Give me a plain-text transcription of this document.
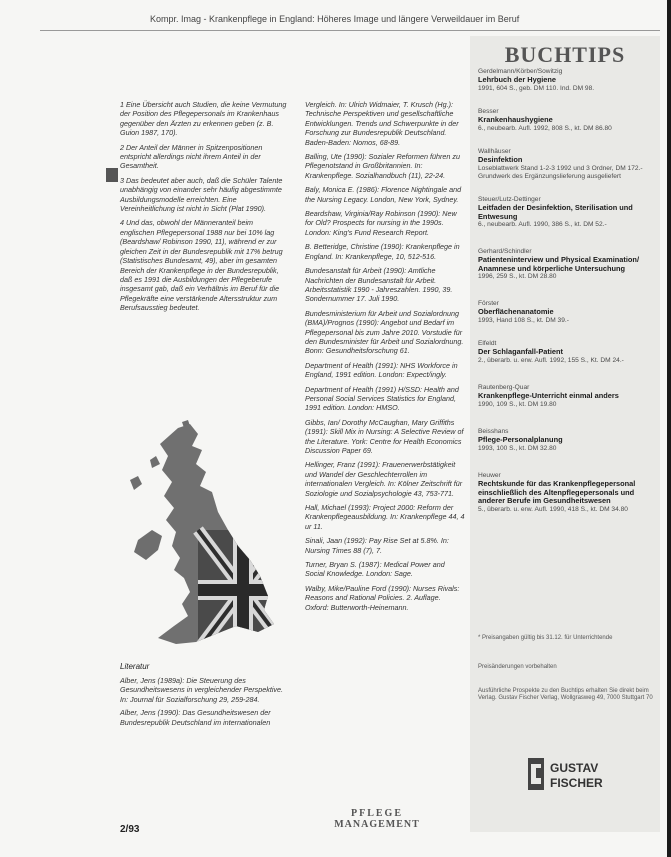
Kompr. Imag - Krankenpflege in England: Höheres Image und längere Verweildauer im Beruf

1 Eine Übersicht auch Studien, die keine Vermutung der Position des Pflegepersonals im Krankenhaus gegenüber den Ärzten zu erkennen geben (z. B. Guion 1987, 170).

2 Der Anteil der Männer in Spitzenpositionen entspricht allerdings nicht ihrem Anteil in der Gesamtheit.

3 Das bedeutet aber auch, daß die Schüler Talente unabhängig von einander sehr häufig abgestimmte Ausbildungsmodelle erreichten. Eine Vereinheitlichung ist nicht in Sicht (Plat 1990).

4 Und das, obwohl der Männeranteil beim englischen Pflegepersonal 1988 nur bei 10% lag (Beardshaw/ Robinson 1990, 11), während er zur gleichen Zeit in der Bundesrepublik mit 17% betrug (Statistisches Bundesamt, 49), aber im gesamten Bereich der Krankenpflege in der Bundesrepublik, daß es 1991 die Ausbildungen der Pflegeberufe insgesamt gab, daß ein Verhältnis im Beruf für die Pflegekräfte eine verstärkende Altersstruktur zum Berufsausstieg bedeutet.

Literatur

Alber, Jens (1989a): Die Steuerung des Gesundheitswesens in vergleichender Perspektive. In: Journal für Sozialforschung 29, 259-284.

Alber, Jens (1990): Das Gesundheitswesen der Bundesrepublik Deutschland im internationalen

Vergleich. In: Ulrich Widmaier, T. Krusch (Hg.): Technische Perspektiven und gesellschaftliche Entwicklungen. Trends und Schwerpunkte in der Forschung zur Bundesrepublik Deutschland. Baden-Baden: Nomos, 68-89.

Balling, Ute (1990): Sozialer Reformen führen zu Pflegenotstand in Großbritannien. In: Krankenpflege. Sozialhandbuch (11), 22-24.

Baly, Monica E. (1986): Florence Nightingale and the Nursing Legacy. London, New York, Sydney.

Beardshaw, Virginia/Ray Robinson (1990): New for Old? Prospects for nursing in the 1990s. London: King's Fund Research Report.

B. Betteridge, Christine (1990): Krankenpflege in England. In: Krankenpflege, 10, 512-516.

Bundesanstalt für Arbeit (1990): Amtliche Nachrichten der Bundesanstalt für Arbeit. Arbeitsstatistik 1990 - Jahreszahlen. 1990, 39. Sondernummer 17. Juli 1990.

Bundesministerium für Arbeit und Sozialordnung (BMA)/Prognos (1990): Angebot und Bedarf im Pflegepersonal bis zum Jahre 2010. Vorstudie für den Bundesminister für Arbeit und Sozialordnung. Bonn: Gesundheitsforschung 61.

Department of Health (1991): NHS Workforce in England, 1991 edition. London: Expect/ingly.

Department of Health (1991) H/SSD: Health and Personal Social Services Statistics for England, 1991 edition. London: HMSO.

Gibbs, Ian/ Dorothy McCaughan, Mary Griffiths (1991): Skill Mix in Nursing: A Selective Review of the Literature. York: Centre for Health Economics Discussion Paper 69.

Hellinger, Franz (1991): Frauenerwerbstätigkeit und Wandel der Geschlechterrollen im internationalen Vergleich. In: Kölner Zeitschrift für Soziologie und Sozialpsychologie 43, 753-771.

Hall, Michael (1993): Project 2000: Reform der Krankenpflegeausbildung. In: Krankenpflege 44, 4 ur 11.

Sinali, Jaan (1992): Pay Rise Set at 5.8%. In: Nursing Times 88 (7), 7.

Turner, Bryan S. (1987): Medical Power and Social Knowledge. London: Sage.

Walby, Mike/Pauline Ford (1990): Nurses Rivals: Reasons and Rational Policies. 2. Auflage. Oxford: Butterworth-Heinemann.

BUCHTIPS
Gerdelmann/Körber/Sowitzig
Lehrbuch der Hygiene
1991, 604 S., geb. DM 110. Ind. DM 98.
Besser
Krankenhaushygiene
6., neubearb. Aufl. 1992, 808 S., kt. DM 86.80
Wallhäuser
Desinfektion
Loseblattwerk Stand 1-2-3 1992 und 3 Ordner, DM 172.- Grundwerk des Ergänzungslieferung ausgeliefert
Steuer/Lutz-Dettinger
Leitfaden der Desinfektion, Sterilisation und Entwesung
6., neubearb. Aufl. 1990, 386 S., kt. DM 52.-
Gerhard/Schindler
Patienteninterview und Physical Examination/ Anamnese und körperliche Untersuchung
1996, 259 S., kt. DM 28.80
Förster
Oberflächenanatomie
1993, Hand 108 S., kt. DM 39.-
Elfeldt
Der Schlaganfall-Patient
2., überarb. u. erw. Aufl. 1992, 155 S., Kt. DM 24.-
Rautenberg-Quar
Krankenpflege-Unterricht einmal anders
1990, 109 S., kt. DM 19.80
Beisshans
Pflege-Personalplanung
1993, 100 S., kt. DM 32.80
Heuwer
Rechtskunde für das Krankenpflegepersonal einschließlich des Altenpflegepersonals und anderer Berufe im Gesundheitswesen
5., überarb. u. erw. Aufl. 1990, 418 S., kt. DM 34.80
* Preisangaben gültig bis 31.12. für Unterrichtende
Preisänderungen vorbehalten
Ausführliche Prospekte zu den Buchtips erhalten Sie direkt beim Verlag. Gustav Fischer Verlag, Wollgrasweg 49, 7000 Stuttgart 70
GUSTAV
FISCHER
2/93
PFLEGE
MANAGEMENT
